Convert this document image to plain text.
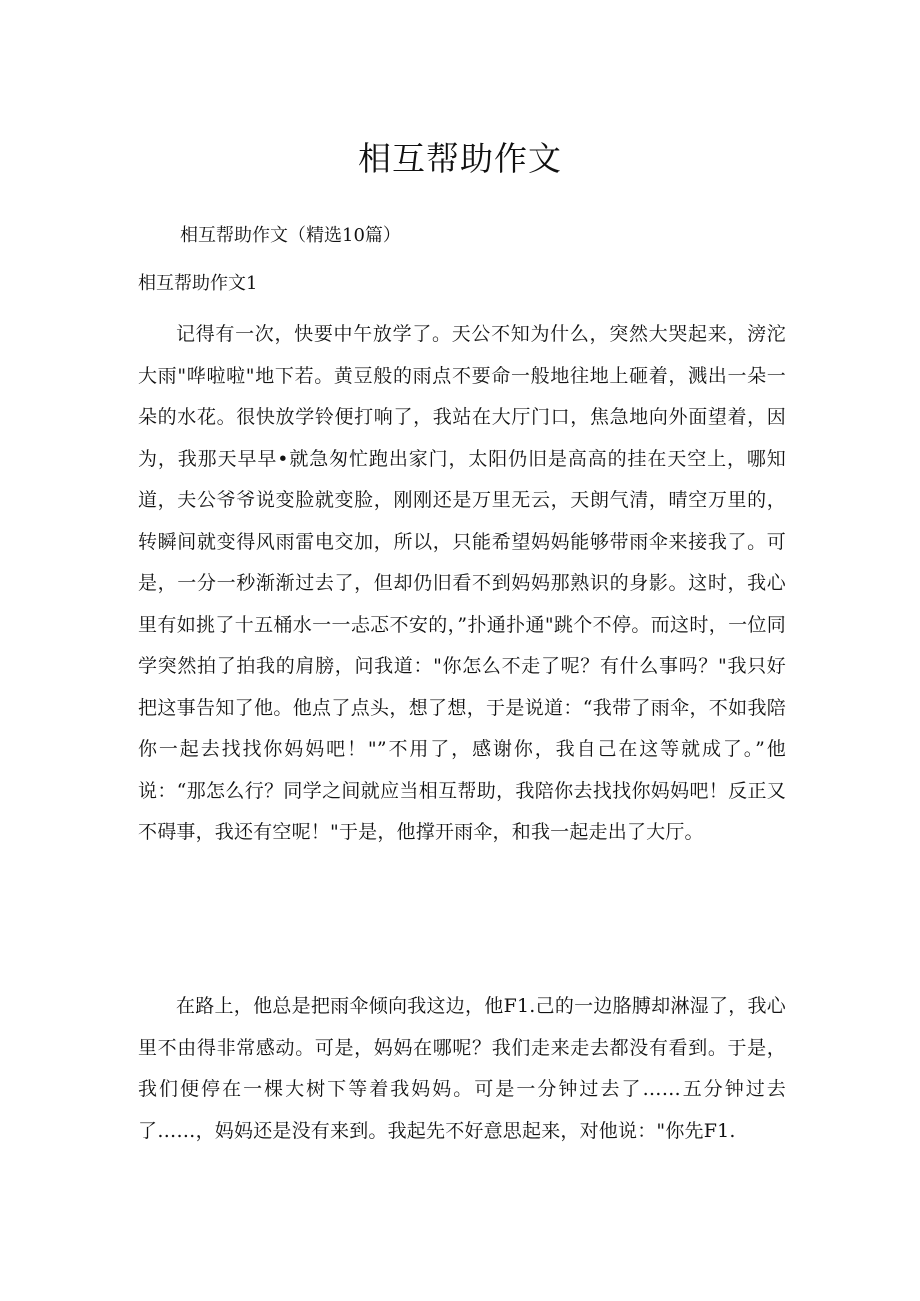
相互帮助作文

相互帮助作文（精选10篇）

相互帮助作文1

记得有一次，快要中午放学了。天公不知为什么，突然大哭起来，滂沱大雨"哗啦啦"地下若。黄豆般的雨点不要命一般地往地上砸着，溅出一朵一朵的水花。很快放学铃便打响了，我站在大厅门口，焦急地向外面望着，因为，我那天早早•就急匆忙跑出家门，太阳仍旧是高高的挂在天空上，哪知道，夫公爷爷说变脸就变脸，刚刚还是万里无云，天朗气清，晴空万里的，转瞬间就变得风雨雷电交加，所以，只能希望妈妈能够带雨伞来接我了。可是，一分一秒渐渐过去了，但却仍旧看不到妈妈那熟识的身影。这时，我心里有如挑了十五桶水一一忐忑不安的，”扑通扑通"跳个不停。而这时，一位同学突然拍了拍我的肩膀，问我道："你怎么不走了呢？有什么事吗？"我只好把这事告知了他。他点了点头，想了想，于是说道：“我带了雨伞，不如我陪你一起去找找你妈妈吧！"”不用了，感谢你，我自己在这等就成了。”他说：“那怎么行？同学之间就应当相互帮助，我陪你去找找你妈妈吧！反正又不碍事，我还有空呢！"于是，他撑开雨伞，和我一起走出了大厅。

在路上，他总是把雨伞倾向我这边，他F1.己的一边胳膊却淋湿了，我心里不由得非常感动。可是，妈妈在哪呢？我们走来走去都没有看到。于是，我们便停在一棵大树下等着我妈妈。可是一分钟过去了……五分钟过去了……，妈妈还是没有来到。我起先不好意思起来，对他说："你先F1.
